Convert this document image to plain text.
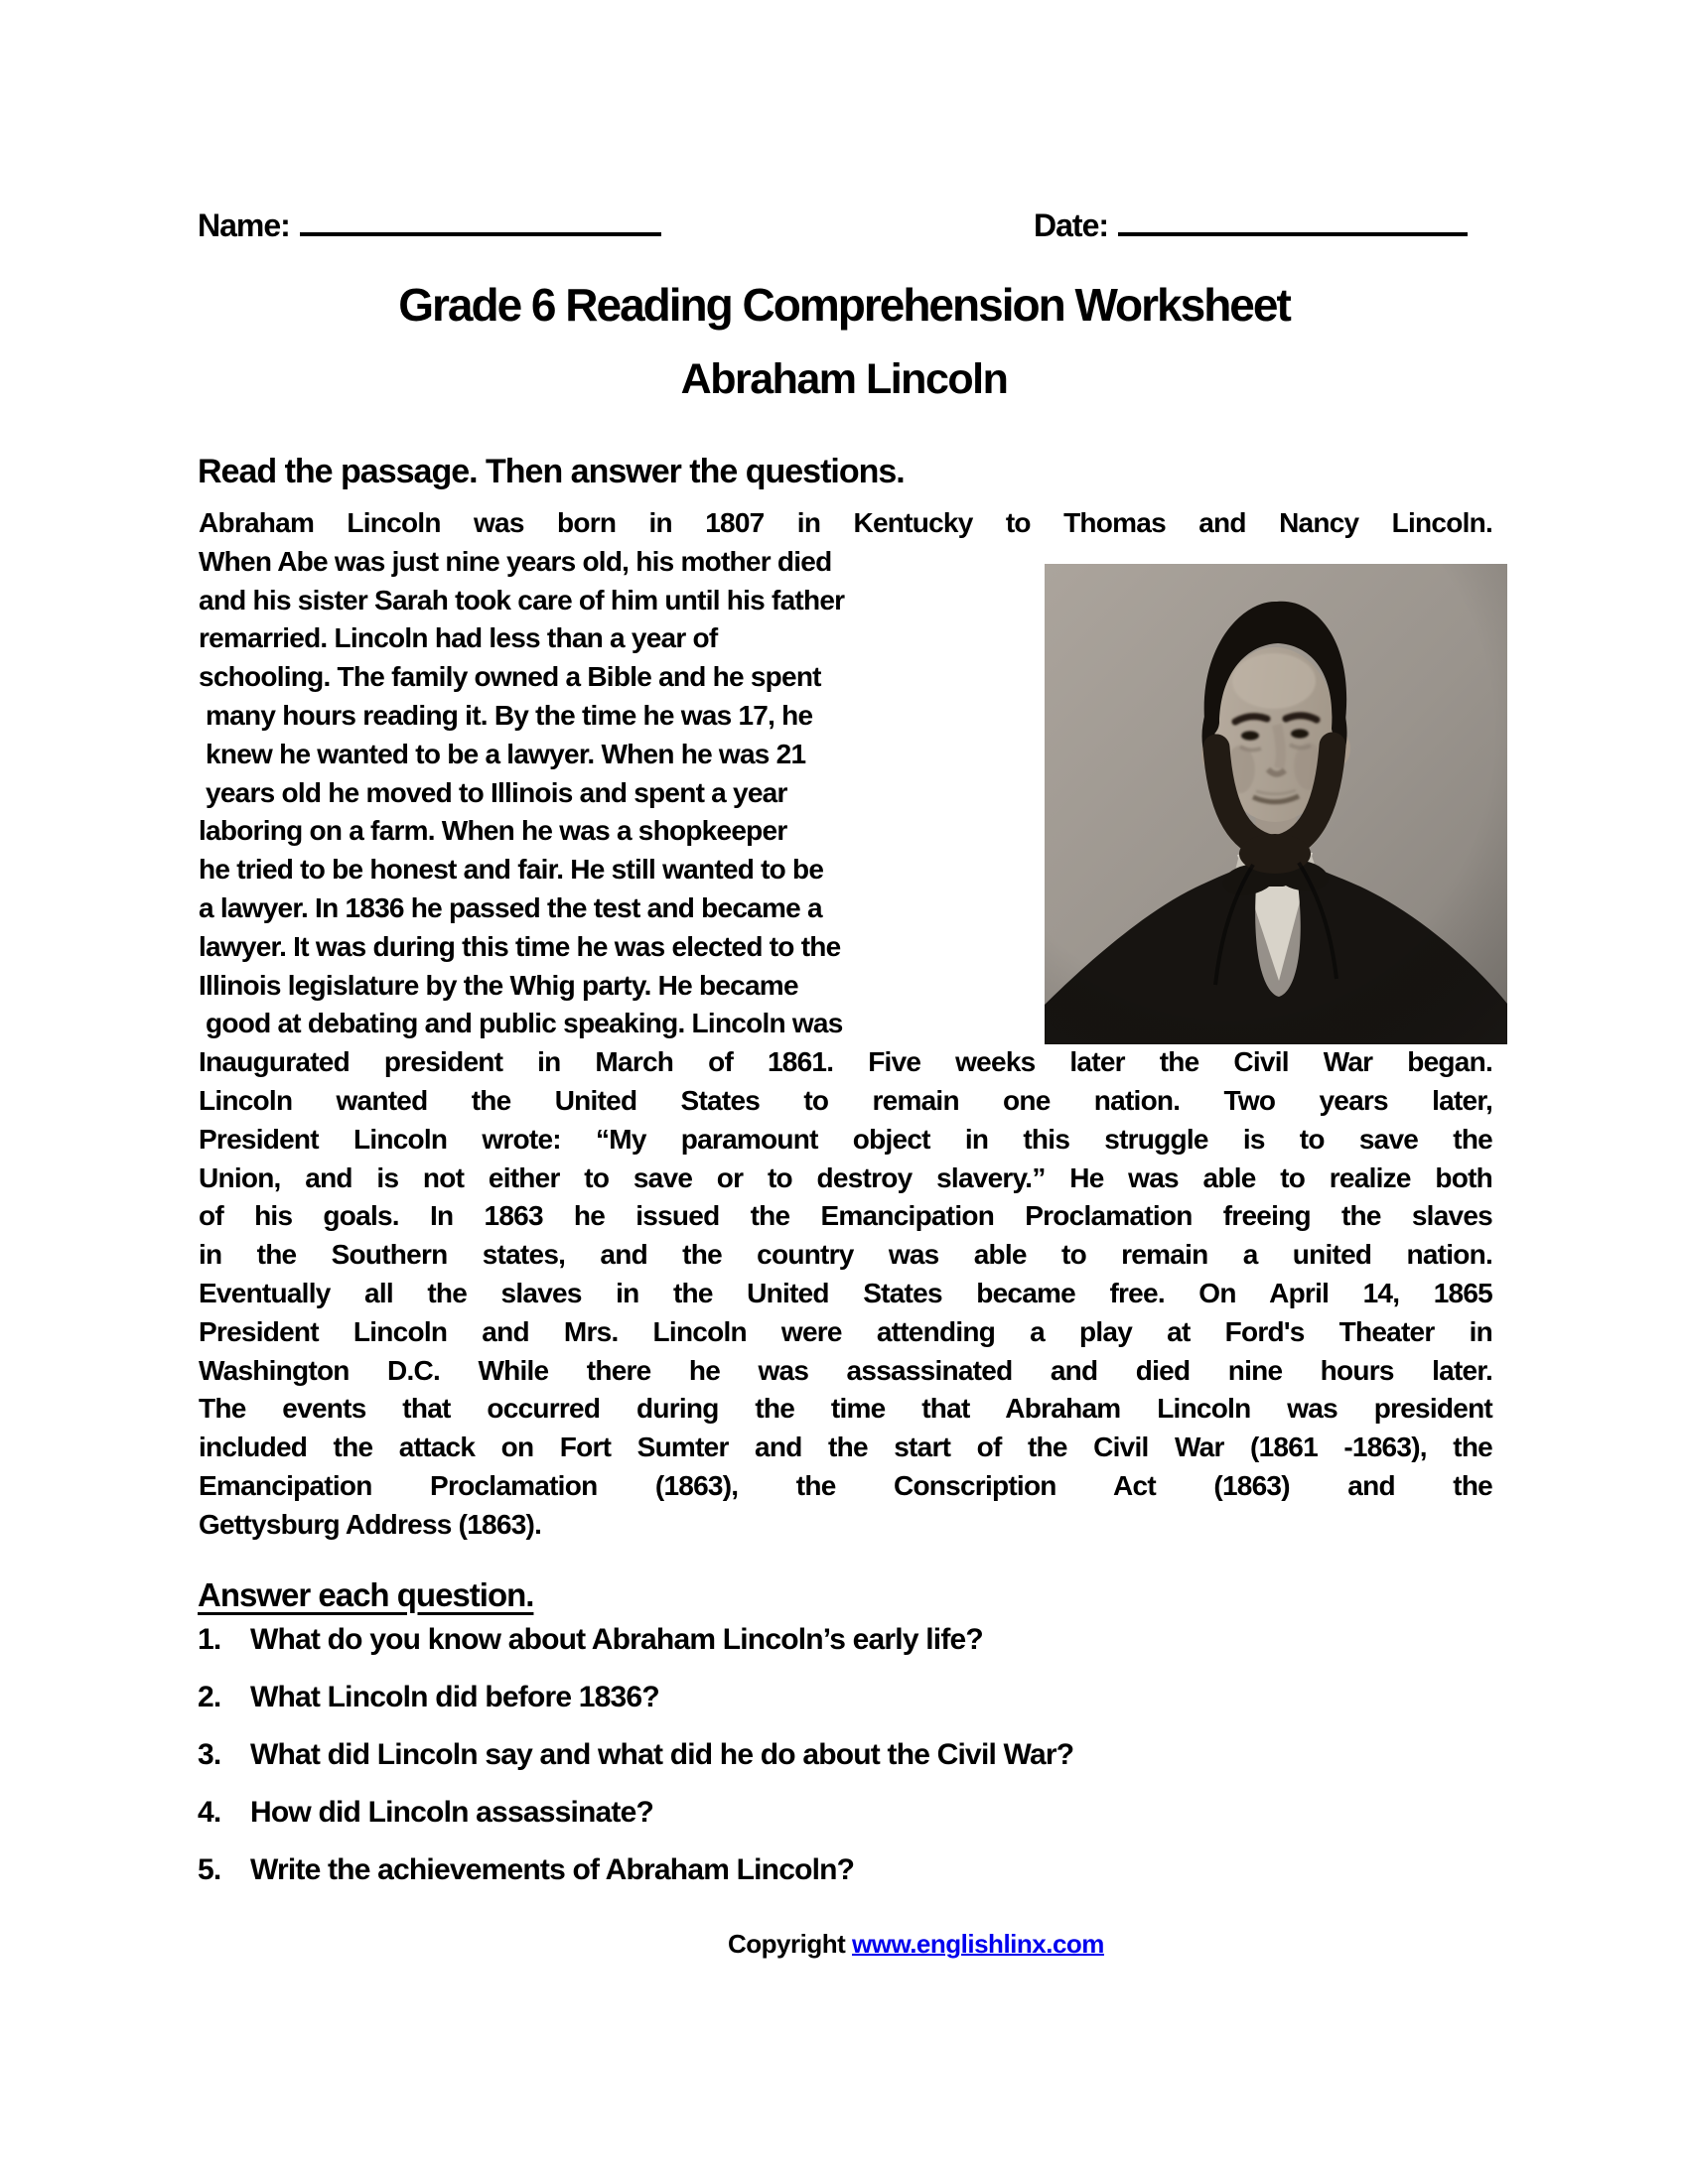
Name:	Date:
Grade 6 Reading Comprehension Worksheet
Abraham Lincoln
Read the passage. Then answer the questions.
Abraham Lincoln was born in 1807 in Kentucky to Thomas and Nancy Lincoln.
When Abe was just nine years old, his mother died
and his sister Sarah took care of him until his father
remarried. Lincoln had less than a year of
schooling. The family owned a Bible and he spent
many hours reading it. By the time he was 17, he
knew he wanted to be a lawyer. When he was 21
years old he moved to Illinois and spent a year
laboring on a farm. When he was a shopkeeper
he tried to be honest and fair. He still wanted to be
a lawyer. In 1836 he passed the test and became a
lawyer. It was during this time he was elected to the
Illinois legislature by the Whig party. He became
good at debating and public speaking. Lincoln was
Inaugurated president in March of 1861. Five weeks later the Civil War began.
Lincoln wanted the United States to remain one nation. Two years later,
President Lincoln wrote: “My paramount object in this struggle is to save the
Union, and is not either to save or to destroy slavery.” He was able to realize both
of his goals. In 1863 he issued the Emancipation Proclamation freeing the slaves
in the Southern states, and the country was able to remain a united nation.
Eventually all the slaves in the United States became free. On April 14, 1865
President Lincoln and Mrs. Lincoln were attending a play at Ford's Theater in
Washington D.C. While there he was assassinated and died nine hours later.
The events that occurred during the time that Abraham Lincoln was president
included the attack on Fort Sumter and the start of the Civil War (1861 -1863), the
Emancipation Proclamation (1863), the Conscription Act (1863) and the
Gettysburg Address (1863).
Answer each question.
1. What do you know about Abraham Lincoln’s early life?
2. What Lincoln did before 1836?
3. What did Lincoln say and what did he do about the Civil War?
4. How did Lincoln assassinate?
5. Write the achievements of Abraham Lincoln?
Copyright www.englishlinx.com
